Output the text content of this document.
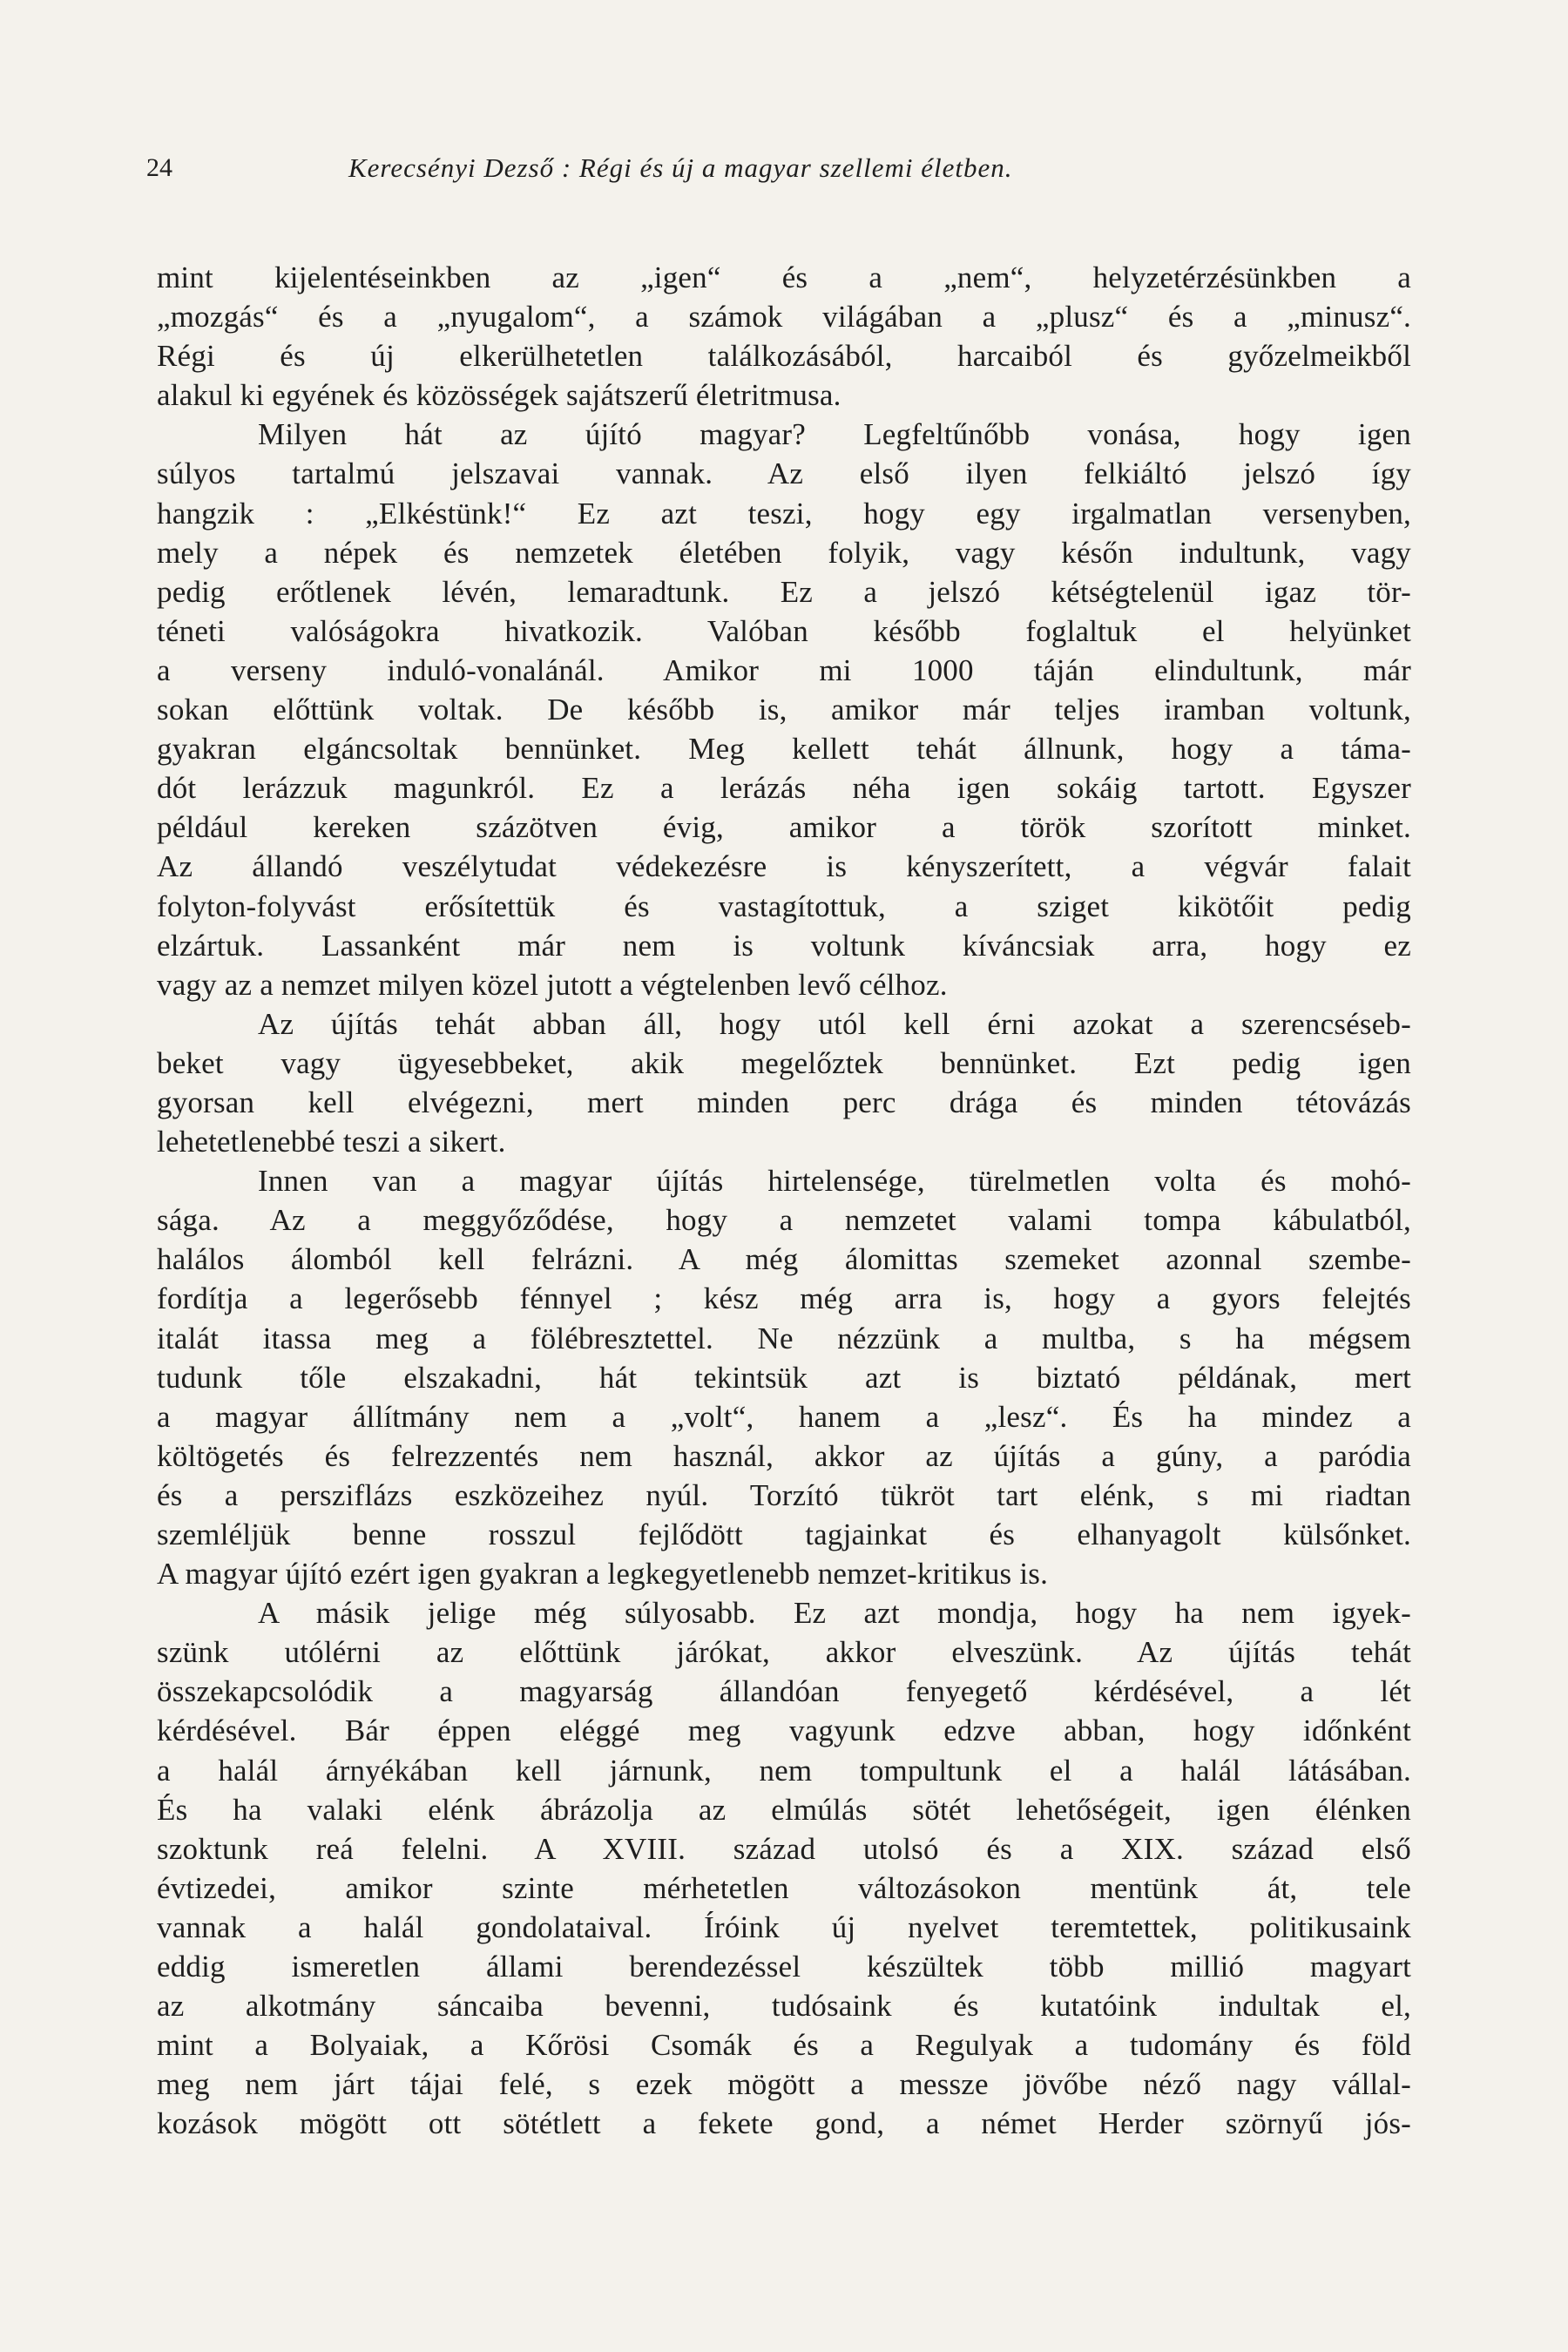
24	Kerecsényi Dezső : Régi és új a magyar szellemi életben.
mint kijelentéseinkben az „igen“ és a „nem“, helyzetérzésünkben a
„mozgás“ és a „nyugalom“, a számok világában a „plusz“ és a „minusz“.
Régi és új elkerülhetetlen találkozásából, harcaiból és győzelmeikből
alakul ki egyének és közösségek sajátszerű életritmusa.
Milyen hát az újító magyar? Legfeltűnőbb vonása, hogy igen
súlyos tartalmú jelszavai vannak. Az első ilyen felkiáltó jelszó így
hangzik : „Elkéstünk!“ Ez azt teszi, hogy egy irgalmatlan versenyben,
mely a népek és nemzetek életében folyik, vagy későn indultunk, vagy
pedig erőtlenek lévén, lemaradtunk. Ez a jelszó kétségtelenül igaz tör-
téneti valóságokra hivatkozik. Valóban később foglaltuk el helyünket
a verseny induló-vonalánál. Amikor mi 1000 táján elindultunk, már
sokan előttünk voltak. De később is, amikor már teljes iramban voltunk,
gyakran elgáncsoltak bennünket. Meg kellett tehát állnunk, hogy a táma-
dót lerázzuk magunkról. Ez a lerázás néha igen sokáig tartott. Egyszer
például kereken százötven évig, amikor a török szorított minket.
Az állandó veszélytudat védekezésre is kényszerített, a végvár falait
folyton-folyvást erősítettük és vastagítottuk, a sziget kikötőit pedig
elzártuk. Lassanként már nem is voltunk kíváncsiak arra, hogy ez
vagy az a nemzet milyen közel jutott a végtelenben levő célhoz.
Az újítás tehát abban áll, hogy utól kell érni azokat a szerencséseb-
beket vagy ügyesebbeket, akik megelőztek bennünket. Ezt pedig igen
gyorsan kell elvégezni, mert minden perc drága és minden tétovázás
lehetetlenebbé teszi a sikert.
Innen van a magyar újítás hirtelensége, türelmetlen volta és mohó-
sága. Az a meggyőződése, hogy a nemzetet valami tompa kábulatból,
halálos álomból kell felrázni. A még álomittas szemeket azonnal szembe-
fordítja a legerősebb fénnyel ; kész még arra is, hogy a gyors felejtés
italát itassa meg a fölébresztettel. Ne nézzünk a multba, s ha mégsem
tudunk tőle elszakadni, hát tekintsük azt is biztató példának, mert
a magyar állítmány nem a „volt“, hanem a „lesz“. És ha mindez a
költögetés és felrezzentés nem használ, akkor az újítás a gúny, a paródia
és a persziflázs eszközeihez nyúl. Torzító tükröt tart elénk, s mi riadtan
szemléljük benne rosszul fejlődött tagjainkat és elhanyagolt külsőnket.
A magyar újító ezért igen gyakran a legkegyetlenebb nemzet-kritikus is.
A másik jelige még súlyosabb. Ez azt mondja, hogy ha nem igyek-
szünk utólérni az előttünk járókat, akkor elveszünk. Az újítás tehát
összekapcsolódik a magyarság állandóan fenyegető kérdésével, a lét
kérdésével. Bár éppen eléggé meg vagyunk edzve abban, hogy időnként
a halál árnyékában kell járnunk, nem tompultunk el a halál látásában.
És ha valaki elénk ábrázolja az elmúlás sötét lehetőségeit, igen élénken
szoktunk reá felelni. A XVIII. század utolsó és a XIX. század első
évtizedei, amikor szinte mérhetetlen változásokon mentünk át, tele
vannak a halál gondolataival. Íróink új nyelvet teremtettek, politikusaink
eddig ismeretlen állami berendezéssel készültek több millió magyart
az alkotmány sáncaiba bevenni, tudósaink és kutatóink indultak el,
mint a Bolyaiak, a Kőrösi Csomák és a Regulyak a tudomány és föld
meg nem járt tájai felé, s ezek mögött a messze jövőbe néző nagy vállal-
kozások mögött ott sötétlett a fekete gond, a német Herder szörnyű jós-
